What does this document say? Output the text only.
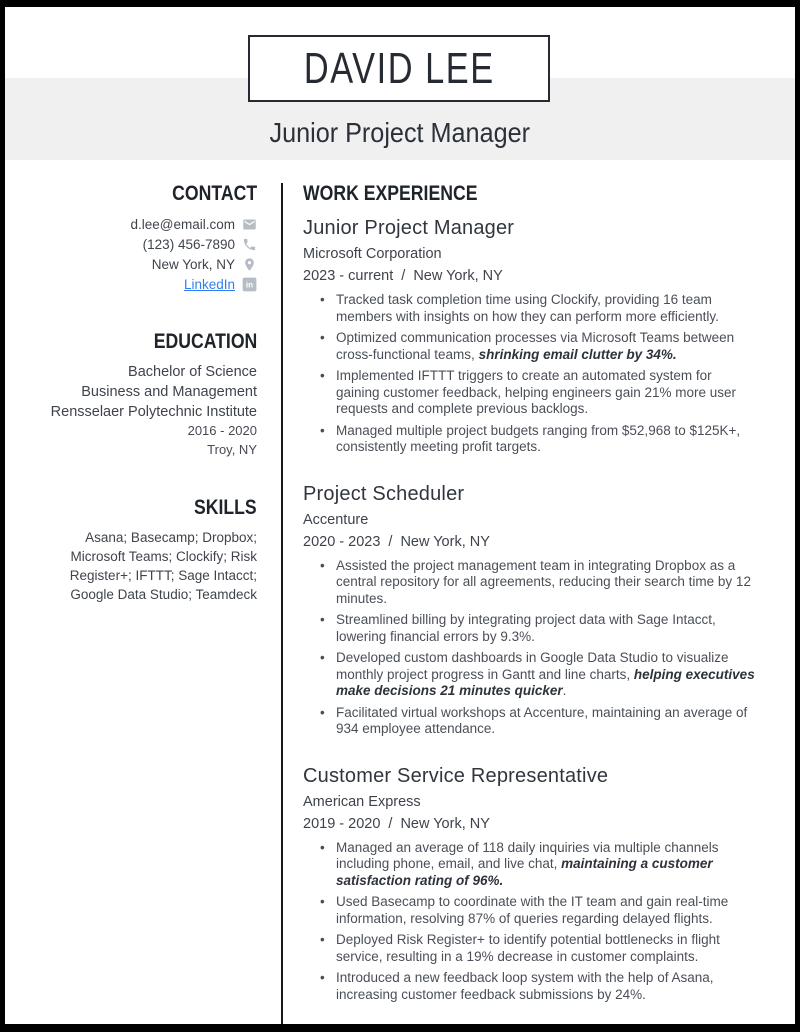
Junior Project Manager
DAVID LEE
CONTACT
d.lee@email.com
(123) 456-7890
New York, NY
LinkedIn in
EDUCATION
Bachelor of Science
Business and Management
Rensselaer Polytechnic Institute
2016 - 2020
Troy, NY
SKILLS
Asana; Basecamp; Dropbox; Microsoft Teams; Clockify; Risk Register+; IFTTT; Sage Intacct; Google Data Studio; Teamdeck
WORK EXPERIENCE
Junior Project Manager
Microsoft Corporation
2023 - current / New York, NY
• Tracked task completion time using Clockify, providing 16 team members with insights on how they can perform more efficiently.
• Optimized communication processes via Microsoft Teams between cross-functional teams, shrinking email clutter by 34%.
• Implemented IFTTT triggers to create an automated system for gaining customer feedback, helping engineers gain 21% more user requests and complete previous backlogs.
• Managed multiple project budgets ranging from $52,968 to $125K+, consistently meeting profit targets.
Project Scheduler
Accenture
2020 - 2023 / New York, NY
• Assisted the project management team in integrating Dropbox as a central repository for all agreements, reducing their search time by 12 minutes.
• Streamlined billing by integrating project data with Sage Intacct, lowering financial errors by 9.3%.
• Developed custom dashboards in Google Data Studio to visualize monthly project progress in Gantt and line charts, helping executives make decisions 21 minutes quicker.
• Facilitated virtual workshops at Accenture, maintaining an average of 934 employee attendance.
Customer Service Representative
American Express
2019 - 2020 / New York, NY
• Managed an average of 118 daily inquiries via multiple channels including phone, email, and live chat, maintaining a customer satisfaction rating of 96%.
• Used Basecamp to coordinate with the IT team and gain real-time information, resolving 87% of queries regarding delayed flights.
• Deployed Risk Register+ to identify potential bottlenecks in flight service, resulting in a 19% decrease in customer complaints.
• Introduced a new feedback loop system with the help of Asana, increasing customer feedback submissions by 24%.
